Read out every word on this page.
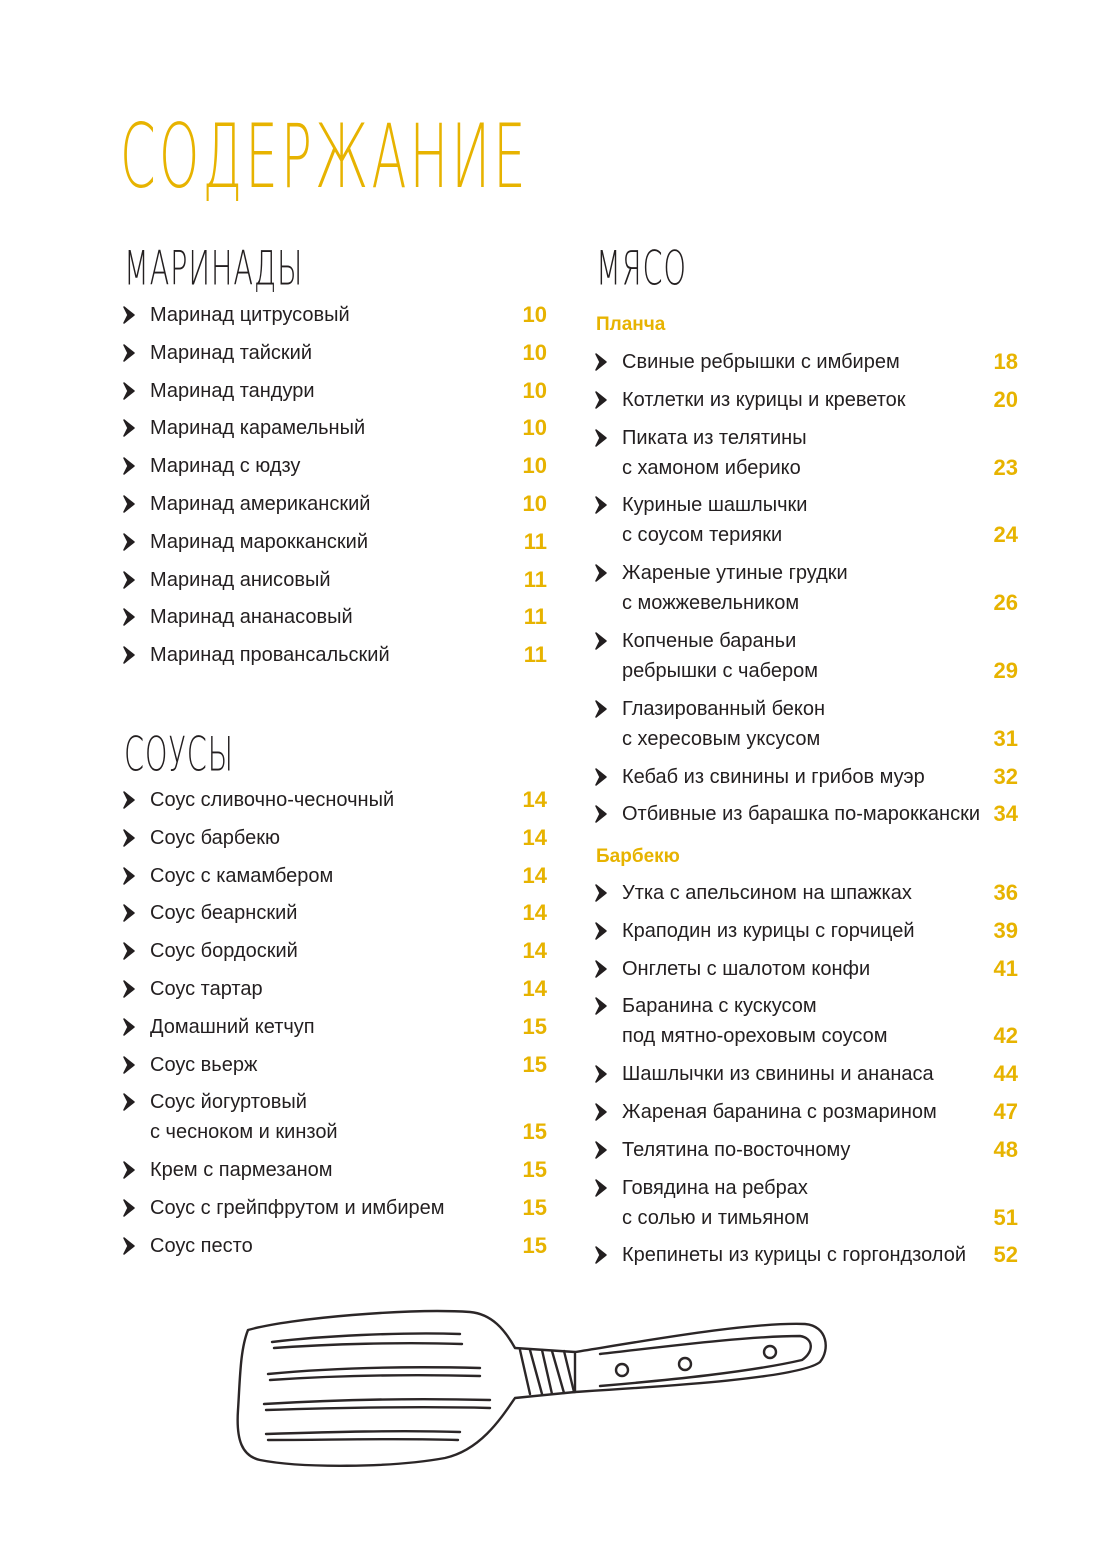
СОДЕРЖАНИЕ
МАРИНАДЫ
Маринад цитрусовый	10
Маринад тайский	10
Маринад тандури	10
Маринад карамельный	10
Маринад с юдзу	10
Маринад американский	10
Маринад марокканский	11
Маринад анисовый	11
Маринад ананасовый	11
Маринад провансальский	11
СОУСЫ
Соус сливочно-чесночный	14
Соус барбекю	14
Соус с камамбером	14
Соус беарнский	14
Соус бордоский	14
Соус тартар	14
Домашний кетчуп	15
Соус вьерж	15
Соус йогуртовый
с чесноком и кинзой	15
Крем с пармезаном	15
Соус с грейпфрутом и имбирем	15
Соус песто	15
МЯСО
Планча
Свиные ребрышки с имбирем	18
Котлетки из курицы и креветок	20
Пиката из телятины
с хамоном иберико	23
Куриные шашлычки
с соусом терияки	24
Жареные утиные грудки
с можжевельником	26
Копченые бараньи
ребрышки с чабером	29
Глазированный бекон
с хересовым уксусом	31
Кебаб из свинины и грибов муэр	32
Отбивные из барашка по-мароккански 34
Барбекю
Утка с апельсином на шпажках	36
Краподин из курицы с горчицей	39
Онглеты с шалотом конфи	41
Баранина с кускусом
под мятно-ореховым соусом	42
Шашлычки из свинины и ананаса	44
Жареная баранина с розмарином	47
Телятина по-восточному	48
Говядина на ребрах
с солью и тимьяном	51
Крепинеты из курицы с горгондзолой	52
